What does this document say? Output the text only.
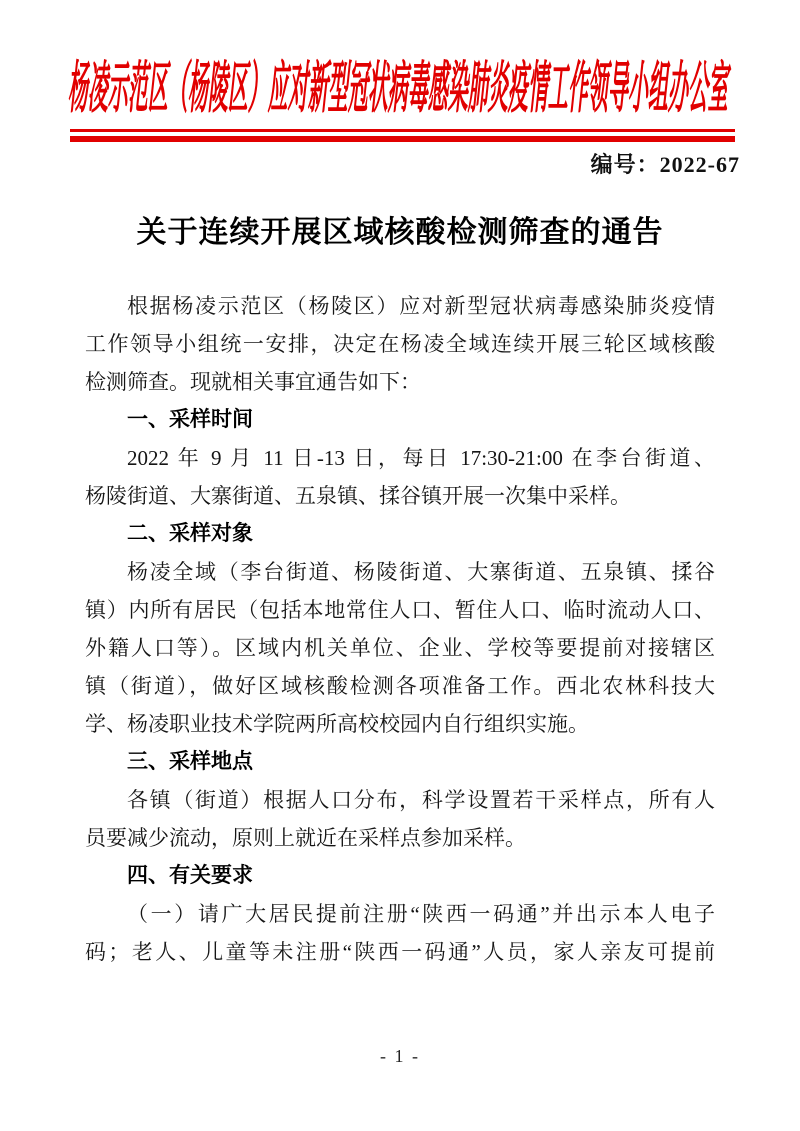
杨凌示范区（杨陵区）应对新型冠状病毒感染肺炎疫情工作领导小组办公室
编号：2022-67
关于连续开展区域核酸检测筛查的通告
根据杨凌示范区（杨陵区）应对新型冠状病毒感染肺炎疫情
工作领导小组统一安排，决定在杨凌全域连续开展三轮区域核酸
检测筛查。现就相关事宜通告如下：
一、采样时间
2022 年 9 月 11 日-13 日，每日 17:30-21:00 在李台街道、
杨陵街道、大寨街道、五泉镇、揉谷镇开展一次集中采样。
二、采样对象
杨凌全域（李台街道、杨陵街道、大寨街道、五泉镇、揉谷
镇）内所有居民（包括本地常住人口、暂住人口、临时流动人口、
外籍人口等）。区域内机关单位、企业、学校等要提前对接辖区
镇（街道），做好区域核酸检测各项准备工作。西北农林科技大
学、杨凌职业技术学院两所高校校园内自行组织实施。
三、采样地点
各镇（街道）根据人口分布，科学设置若干采样点，所有人
员要减少流动，原则上就近在采样点参加采样。
四、有关要求
（一）请广大居民提前注册“陕西一码通”并出示本人电子
码；老人、儿童等未注册“陕西一码通”人员，家人亲友可提前
- 1 -
